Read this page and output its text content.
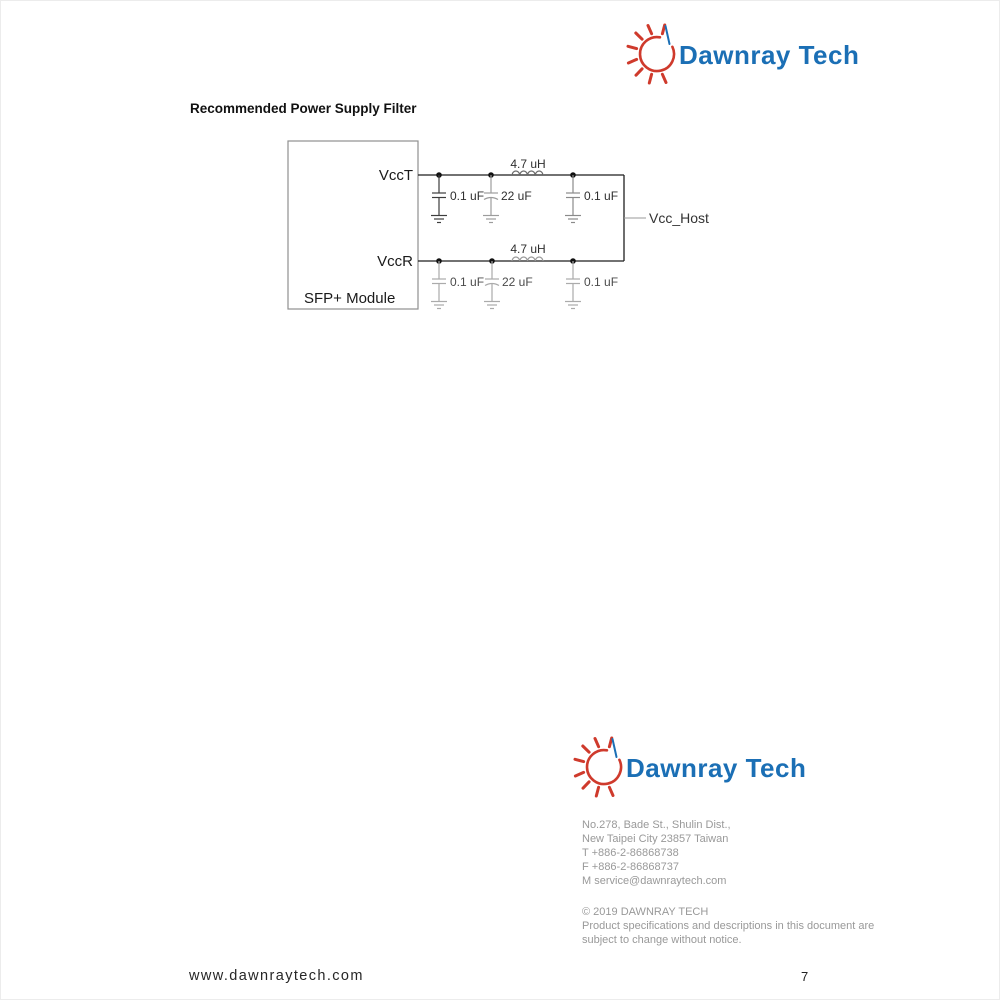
Dawnray Tech
Recommended Power Supply Filter
VccT
VccR
SFP+ Module
Vcc_Host
4.7 uH
4.7 uH
0.1 uF 22 uF	0.1 uF
0.1 uF 22 uF	0.1 uF
Dawnray Tech
No.278, Bade St., Shulin Dist.,
New Taipei City 23857 Taiwan
T +886-2-86868738
F +886-2-86868737
M service@dawnraytech.com
© 2019 DAWNRAY TECH
Product specifications and descriptions in this document are
subject to change without notice.
www.dawnraytech.com	7
